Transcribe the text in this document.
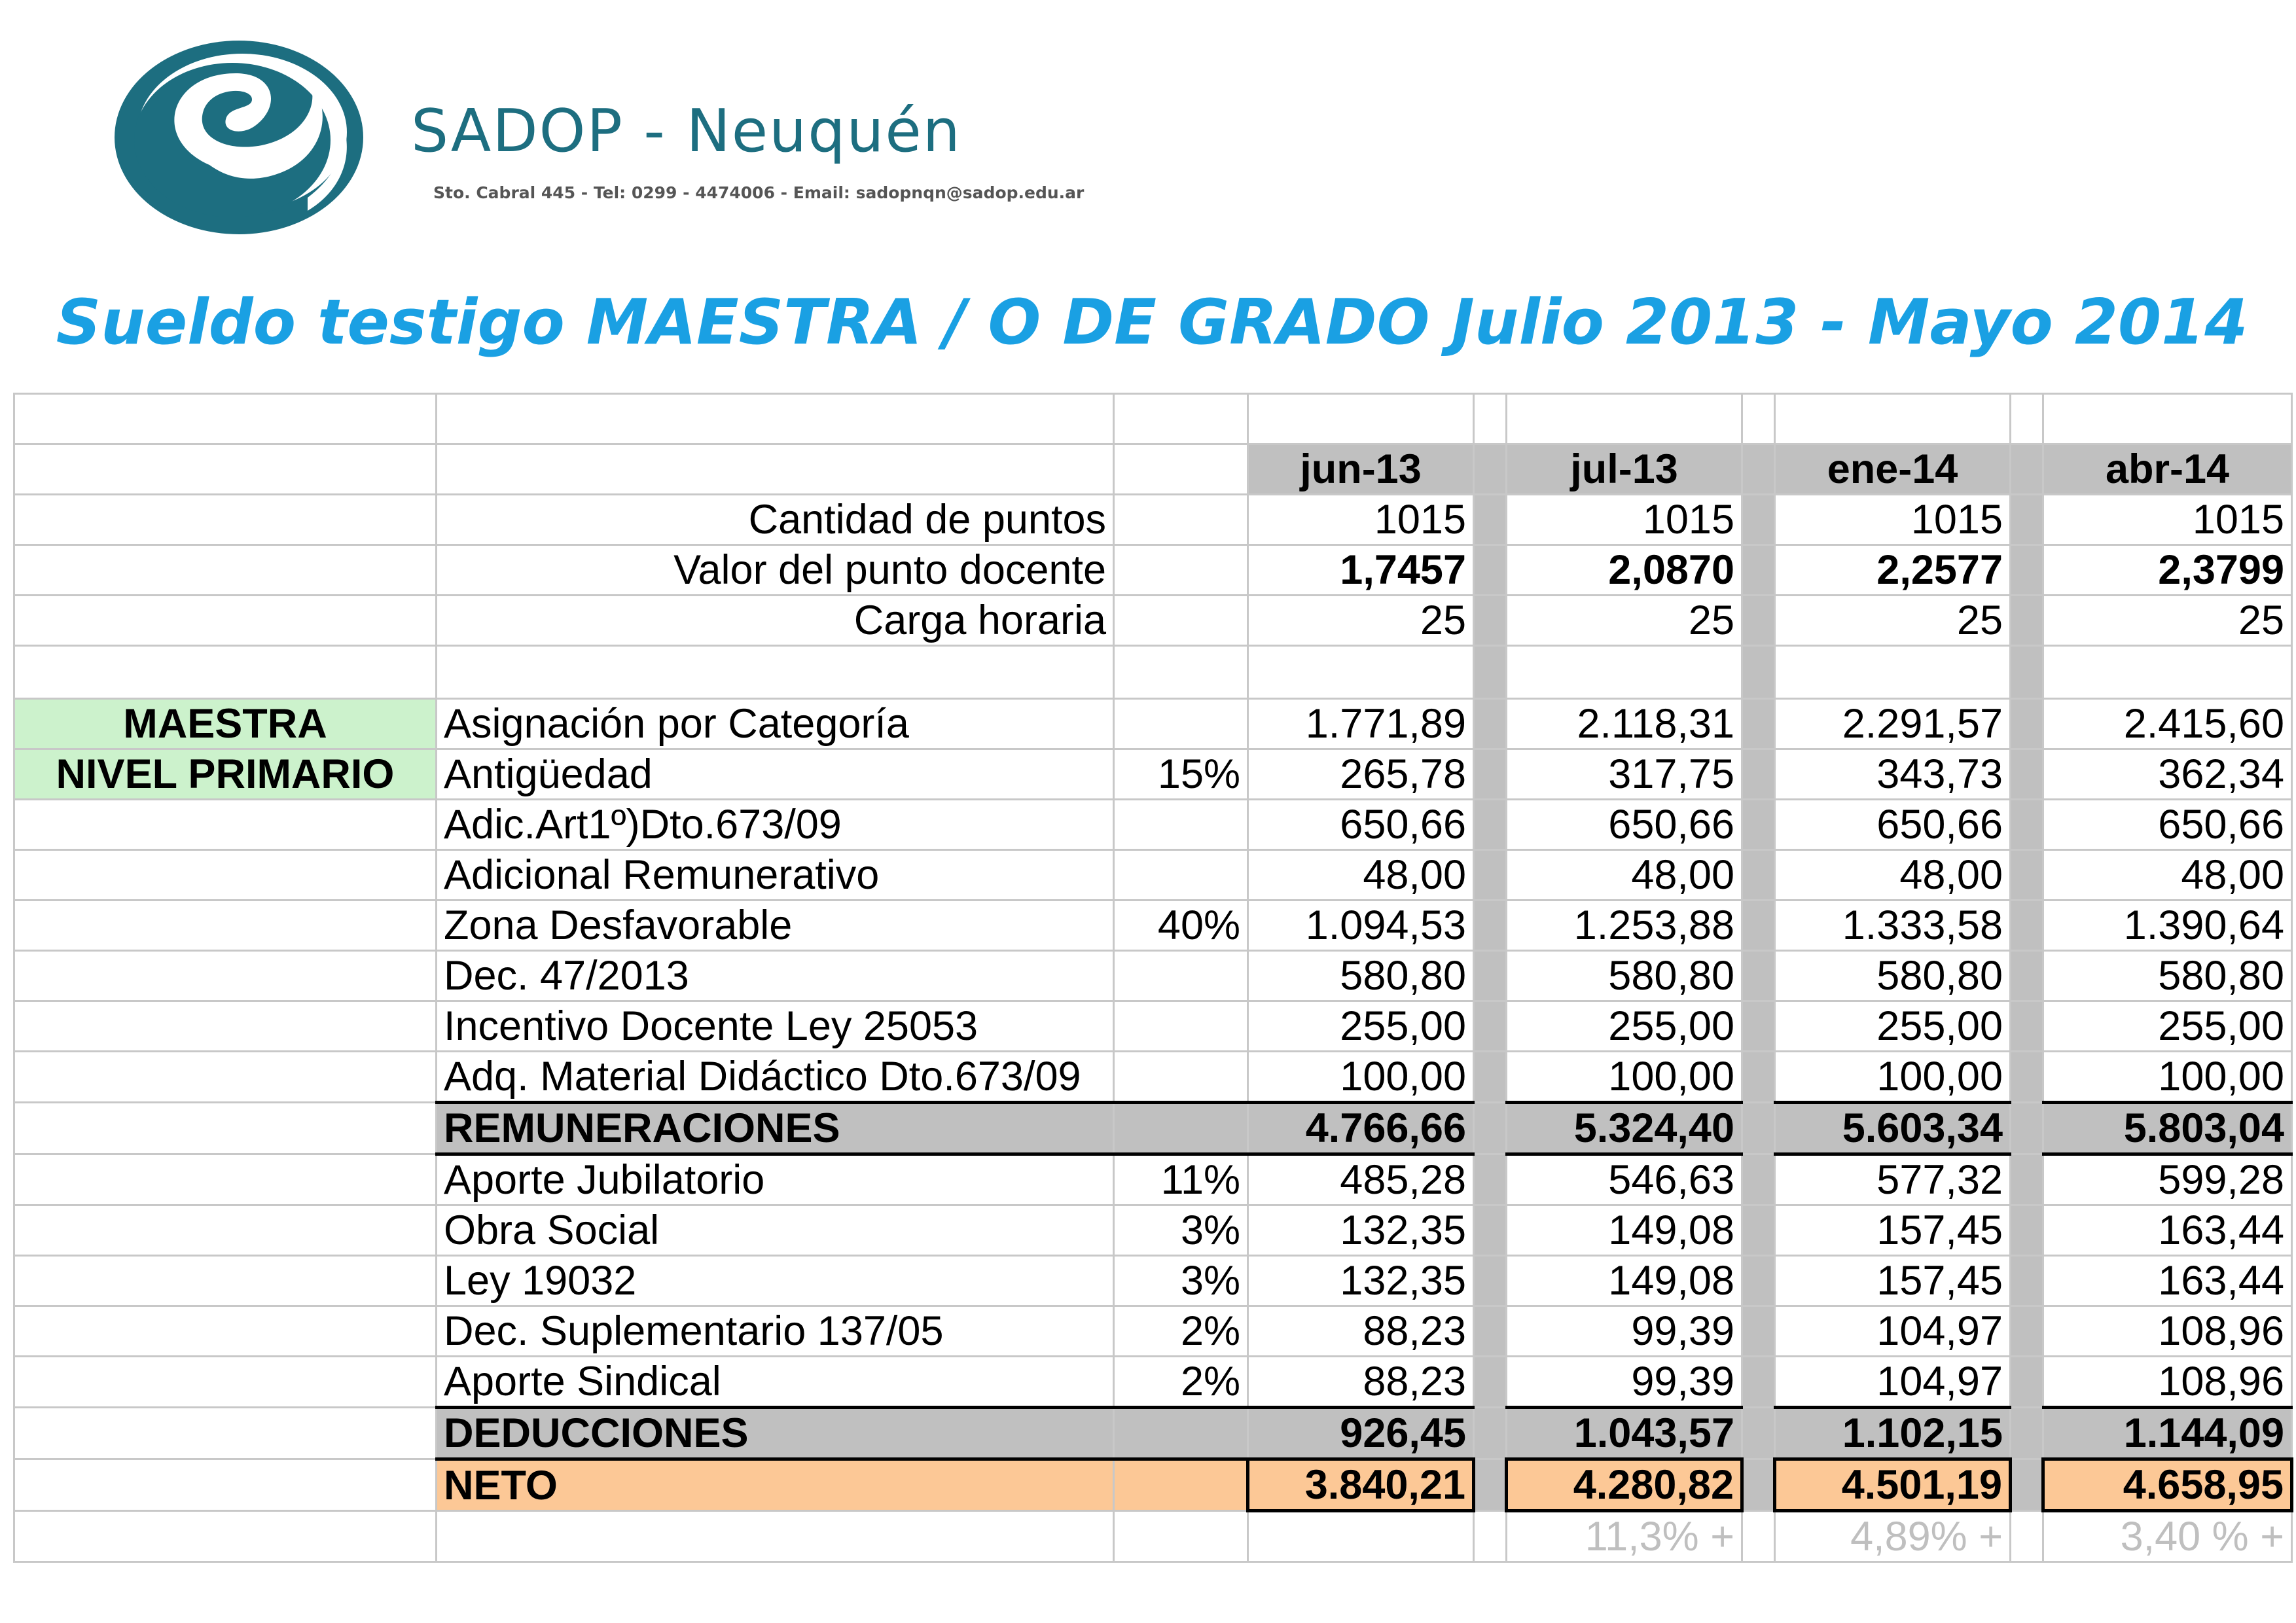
SADOP - Neuquén
Sto. Cabral 445 - Tel: 0299 - 4474006 - Email: sadopnqn@sadop.edu.ar
Sueldo testigo MAESTRA / O DE GRADO Julio 2013 - Mayo 2014

			jun-13		jul-13		ene-14		abr-14
	Cantidad de puntos		1015		1015		1015		1015
	Valor del punto docente		1,7457		2,0870		2,2577		2,3799
	Carga horaria		25		25		25		25

MAESTRA	Asignación por Categoría		1.771,89		2.118,31		2.291,57		2.415,60
NIVEL PRIMARIO	Antigüedad	15%	265,78		317,75		343,73		362,34
	Adic.Art1º)Dto.673/09		650,66		650,66		650,66		650,66
	Adicional Remunerativo		48,00		48,00		48,00		48,00
	Zona Desfavorable	40%	1.094,53		1.253,88		1.333,58		1.390,64
	Dec. 47/2013		580,80		580,80		580,80		580,80
	Incentivo Docente Ley 25053		255,00		255,00		255,00		255,00
	Adq. Material Didáctico Dto.673/09		100,00		100,00		100,00		100,00
	REMUNERACIONES		4.766,66		5.324,40		5.603,34		5.803,04
	Aporte Jubilatorio	11%	485,28		546,63		577,32		599,28
	Obra Social	3%	132,35		149,08		157,45		163,44
	Ley 19032	3%	132,35		149,08		157,45		163,44
	Dec. Suplementario 137/05	2%	88,23		99,39		104,97		108,96
	Aporte Sindical	2%	88,23		99,39		104,97		108,96
	DEDUCCIONES		926,45		1.043,57		1.102,15		1.144,09
	NETO		3.840,21		4.280,82		4.501,19		4.658,95
					11,3% +		4,89% +		3,40 % +
